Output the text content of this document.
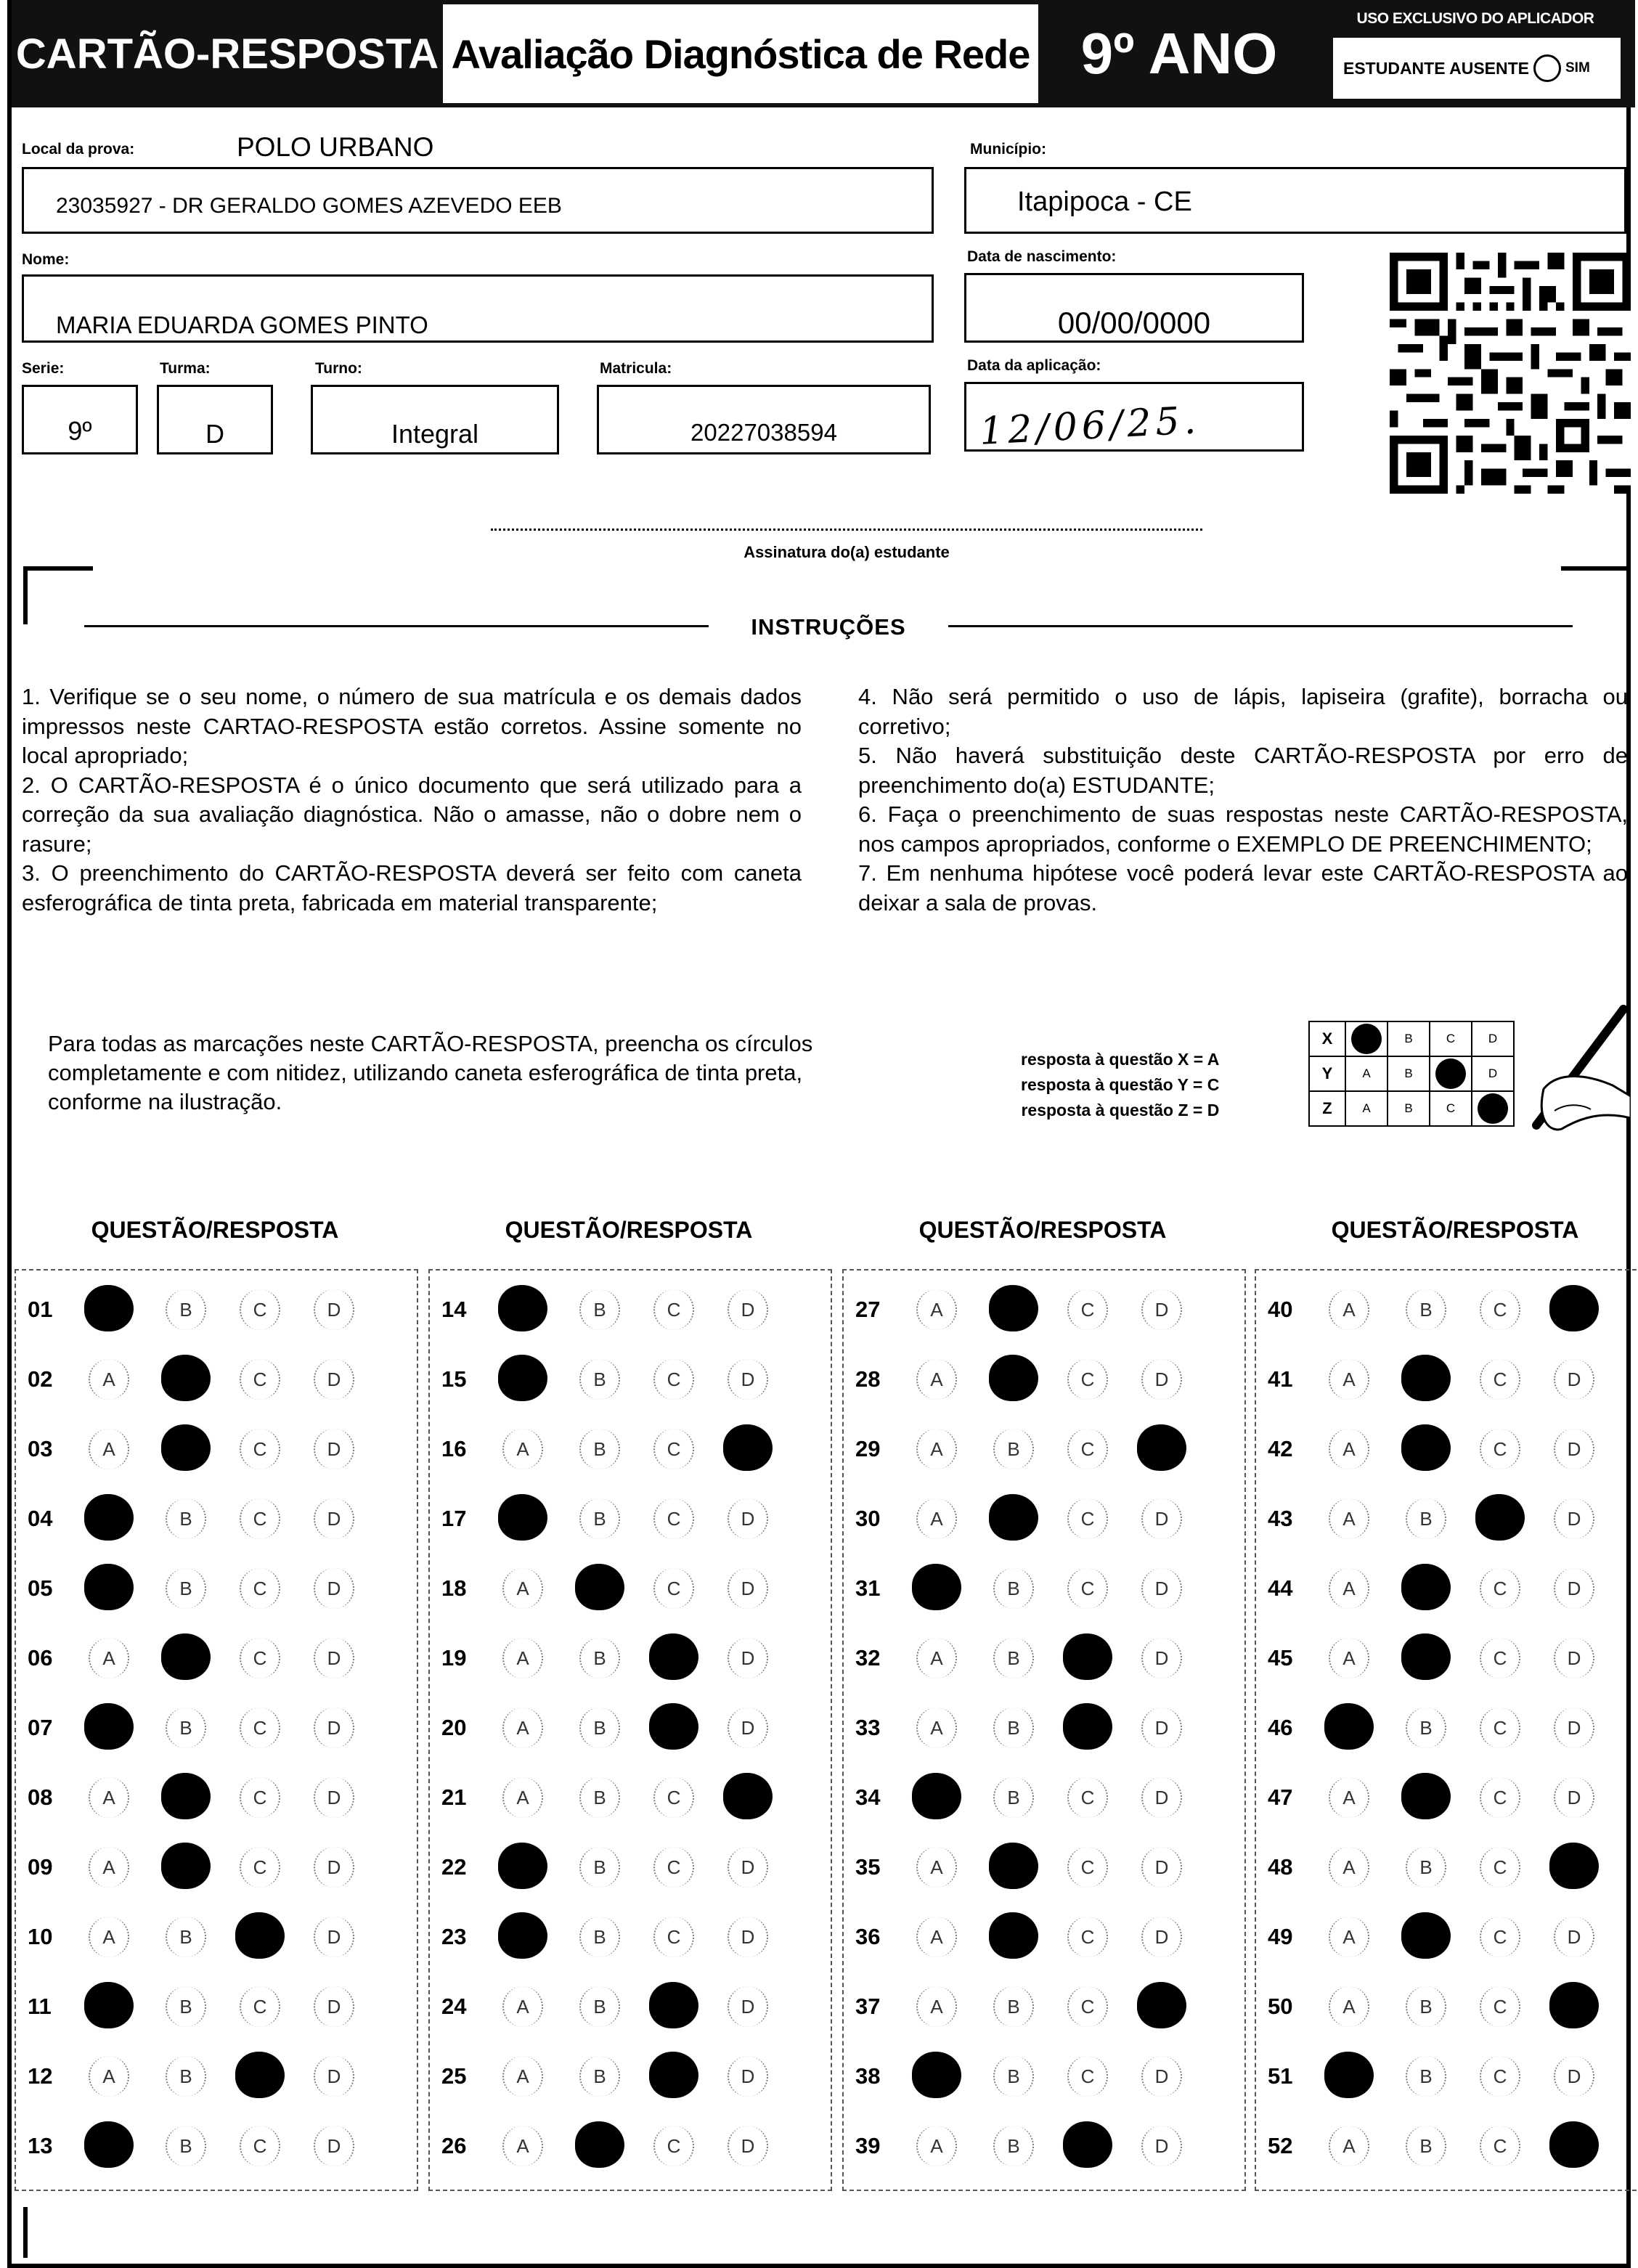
CARTÃO-RESPOSTA Avaliação Diagnóstica de Rede 9º ANO
USO EXCLUSIVO DO APLICADOR
ESTUDANTE AUSENTE	SIM
Local da prova:	POLO URBANO
23035927 - DR GERALDO GOMES AZEVEDO EEB
Município:
Itapipoca - CE
Nome:
MARIA EDUARDA GOMES PINTO
Data de nascimento:
00/00/0000
Serie:
9º
Turma:
D
Turno:
Integral
Matricula:
20227038594
Data da aplicação:
12/06/25.
Assinatura do(a) estudante
INSTRUÇÕES

1. Verifique se o seu nome, o número de sua matrícula e os demais dados impressos neste CARTAO-RESPOSTA estão corretos. Assine somente no local apropriado;

2. O CARTÃO-RESPOSTA é o único documento que será utilizado para a correção da sua avaliação diagnóstica. Não o amasse, não o dobre nem o rasure;

3. O preenchimento do CARTÃO-RESPOSTA deverá ser feito com caneta esferográfica de tinta preta, fabricada em material transparente;

4. Não será permitido o uso de lápis, lapiseira (grafite), borracha ou corretivo;

5. Não haverá substituição deste CARTÃO-RESPOSTA por erro de preenchimento do(a) ESTUDANTE;

6. Faça o preenchimento de suas respostas neste CARTÃO-RESPOSTA, nos campos apropriados, conforme o EXEMPLO DE PREENCHIMENTO;

7. Em nenhuma hipótese você poderá levar este CARTÃO-RESPOSTA ao deixar a sala de provas.

Para todas as marcações neste CARTÃO-RESPOSTA, preencha os círculos completamente e com nitidez, utilizando caneta esferográfica de tinta preta, conforme na ilustração.
resposta à questão X = A
resposta à questão Y = C
resposta à questão Z = D
X		B	C	D
Y	A	B		D
Z	A	B	C	
QUESTÃO/RESPOSTA
01	B	C	D
02	A	C	D
03	A	C	D
04	B	C	D
05	B	C	D
06	A	C	D
07	B	C	D
08	A	C	D
09	A	C	D
10	A	B	D
11	B	C	D
12	A	B	D
13	B	C	D
QUESTÃO/RESPOSTA
14	B	C	D
15	B	C	D
16	A	B	C
17	B	C	D
18	A	C	D
19	A	B	D
20	A	B	D
21	A	B	C
22	B	C	D
23	B	C	D
24	A	B	D
25	A	B	D
26	A	C	D
QUESTÃO/RESPOSTA
27	A	C	D
28	A	C	D
29	A	B	C
30	A	C	D
31	B	C	D
32	A	B	D
33	A	B	D
34	B	C	D
35	A	C	D
36	A	C	D
37	A	B	C
38	B	C	D
39	A	B	D
QUESTÃO/RESPOSTA
40	A	B	C
41	A	C	D
42	A	C	D
43	A	B	D
44	A	C	D
45	A	C	D
46	B	C	D
47	A	C	D
48	A	B	C
49	A	C	D
50	A	B	C
51	B	C	D
52	A	B	C
